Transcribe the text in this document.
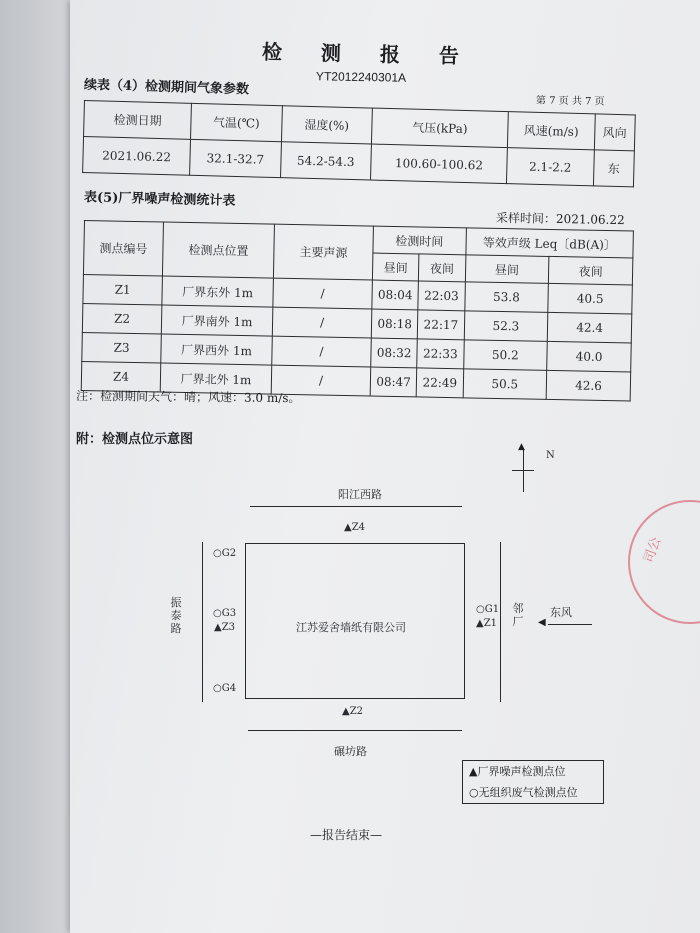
检 测 报 告
YT2012240301A
第 7 页 共 7 页
续表（4）检测期间气象参数
检测日期	气温(℃)	湿度(%)	气压(kPa)	风速(m/s)	风向
2021.06.22	32.1-32.7	54.2-54.3	100.60-100.62	2.1-2.2	东
表(5)厂界噪声检测统计表
采样时间：2021.06.22
测点编号	检测点位置	主要声源	检测时间		等效声级 Leq〔dB(A)〕	
			昼间	夜间	昼间	夜间
Z1	厂界东外 1m	/	08:04	22:03	53.8	40.5
Z2	厂界南外 1m	/	08:18	22:17	52.3	42.4
Z3	厂界西外 1m	/	08:32	22:33	50.2	40.0
Z4	厂界北外 1m	/	08:47	22:49	50.5	42.6
注：检测期间天气：晴；风速：3.0 m/s。
附：检测点位示意图	▲
N
阳江西路
碾坊路
振泰路
邻厂
江苏爱舍墙纸有限公司
▲Z4
▲Z2
▲Z3	▲Z1
○G2
○G3
○G4
○G1	东风
◀
▲厂界噪声检测点位
○无组织废气检测点位
司公
—报告结束—
